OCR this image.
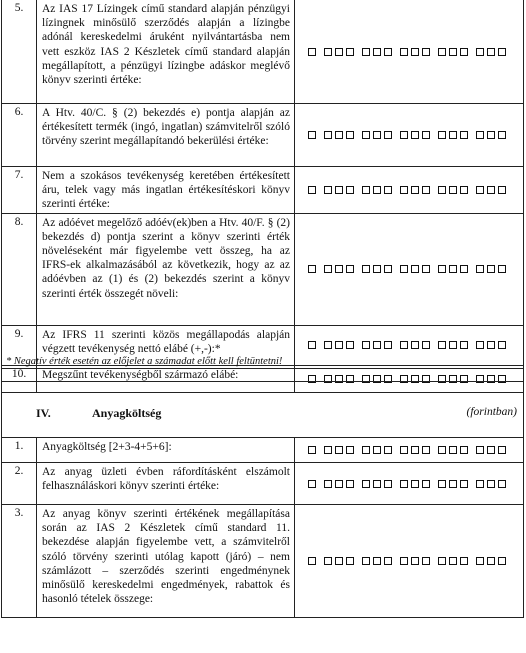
5.	Az IAS 17 Lízingek című standard alapján pénzügyi lízingnek minősülő szerződés alapján a lízingbe adónál kereskedelmi áruként nyilvántartásba nem vett eszköz IAS 2 Készletek című standard alapján megállapított, a pénzügyi lízingbe adáskor meglévő könyv szerinti értéke:	

6.	A Htv. 40/C. § (2) bekezdés e) pontja alapján az értékesített termék (ingó, ingatlan) számvitelről szóló törvény szerint megállapítandó bekerülési értéke:	

7.	Nem a szokásos tevékenység keretében értékesített áru, telek vagy más ingatlan értékesítéskori könyv szerinti értéke:	

8.	Az adóévet megelőző adóév(ek)ben a Htv. 40/F. § (2) bekezdés d) pontja szerint a könyv szerinti érték növeléseként már figyelembe vett összeg, ha az IFRS-ek alkalmazásából az következik, hogy az az adóévben az (1) és (2) bekezdés szerint a könyv szerinti érték összegét növeli:	

9.	Az IFRS 11 szerinti közös megállapodás alapján végzett tevékenység nettó elábé (+,-):*	

10.	Megszűnt tevékenységből származó elábé:	
* Negatív érték esetén az előjelet a számadat előtt kell feltüntetni!
IV.	Anyagköltség	(forintban)
1.	Anyagköltség [2+3-4+5+6]:	

2.	Az anyag üzleti évben ráfordításként elszámolt felhasználáskori könyv szerinti értéke:	

3.	Az anyag könyv szerinti értékének megállapítása során az IAS 2 Készletek című standard 11. bekezdése alapján figyelembe vett, a számvitelről szóló törvény szerinti utólag kapott (járó) – nem számlázott – szerződés szerinti engedménynek minősülő kereskedelmi engedmények, rabattok és hasonló tételek összege:	
